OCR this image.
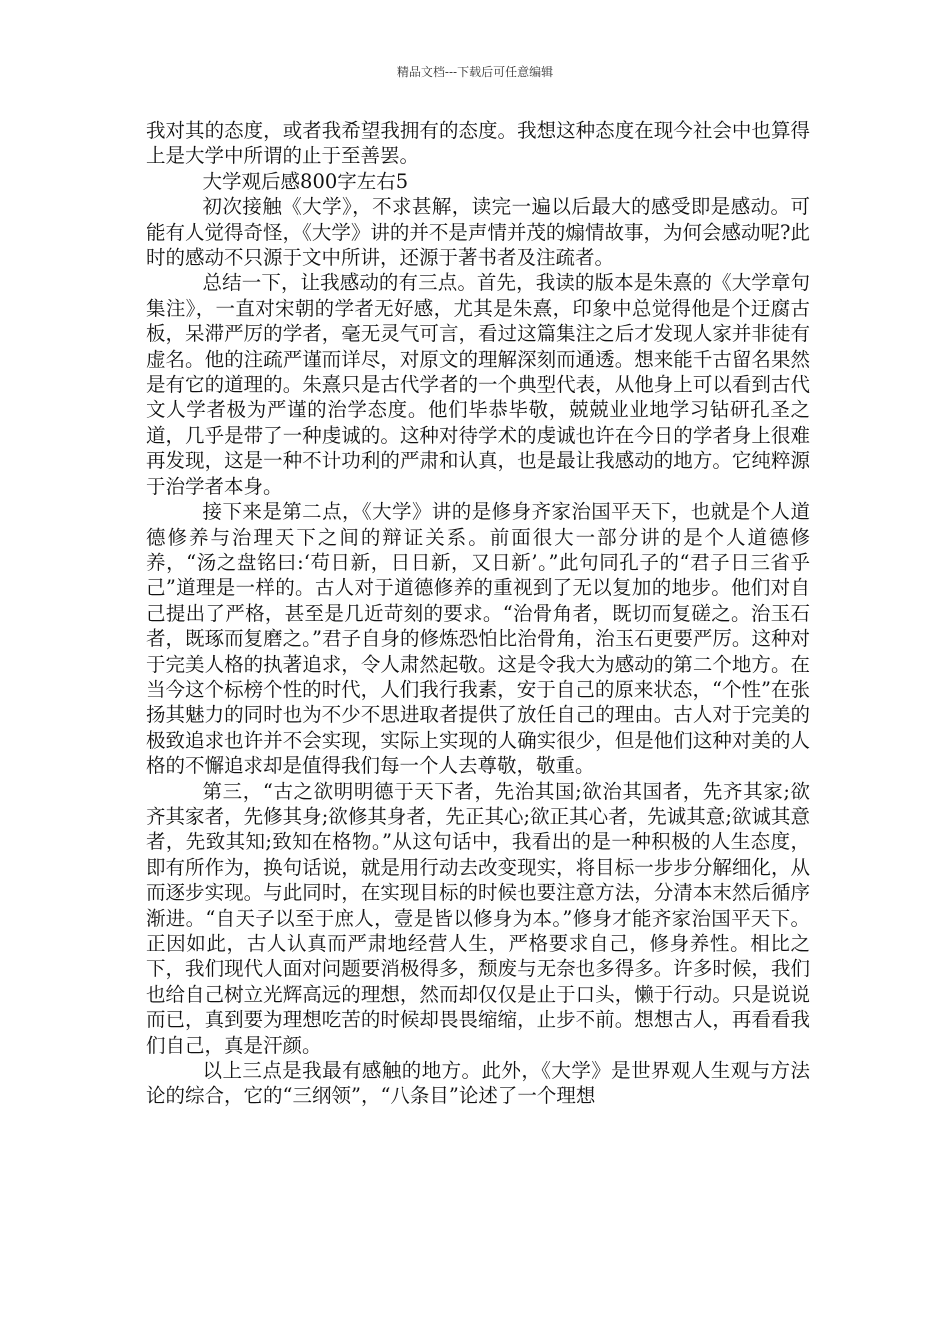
精品文档---下载后可任意编辑

我对其的态度，或者我希望我拥有的态度。我想这种态度在现今社会中也算得上是大学中所谓的止于至善罢。

大学观后感800字左右5

初次接触《大学》，不求甚解，读完一遍以后最大的感受即是感动。可能有人觉得奇怪，《大学》讲的并不是声情并茂的煽情故事，为何会感动呢?此时的感动不只源于文中所讲，还源于著书者及注疏者。

总结一下，让我感动的有三点。首先，我读的版本是朱熹的《大学章句集注》，一直对宋朝的学者无好感，尤其是朱熹，印象中总觉得他是个迂腐古板，呆滞严厉的学者，毫无灵气可言，看过这篇集注之后才发现人家并非徒有虚名。他的注疏严谨而详尽，对原文的理解深刻而通透。想来能千古留名果然是有它的道理的。朱熹只是古代学者的一个典型代表，从他身上可以看到古代文人学者极为严谨的治学态度。他们毕恭毕敬，兢兢业业地学习钻研孔圣之道，几乎是带了一种虔诚的。这种对待学术的虔诚也许在今日的学者身上很难再发现，这是一种不计功利的严肃和认真，也是最让我感动的地方。它纯粹源于治学者本身。

接下来是第二点，《大学》讲的是修身齐家治国平天下，也就是个人道德修养与治理天下之间的辩证关系。前面很大一部分讲的是个人道德修养，“汤之盘铭曰:‘苟日新，日日新，又日新’。”此句同孔子的“君子日三省乎己”道理是一样的。古人对于道德修养的重视到了无以复加的地步。他们对自己提出了严格，甚至是几近苛刻的要求。“治骨角者，既切而复磋之。治玉石者，既琢而复磨之。”君子自身的修炼恐怕比治骨角，治玉石更要严厉。这种对于完美人格的执著追求，令人肃然起敬。这是令我大为感动的第二个地方。在当今这个标榜个性的时代，人们我行我素，安于自己的原来状态，“个性”在张扬其魅力的同时也为不少不思进取者提供了放任自己的理由。古人对于完美的极致追求也许并不会实现，实际上实现的人确实很少，但是他们这种对美的人格的不懈追求却是值得我们每一个人去尊敬，敬重。

第三，“古之欲明明德于天下者，先治其国;欲治其国者，先齐其家;欲齐其家者，先修其身;欲修其身者，先正其心;欲正其心者，先诚其意;欲诚其意者，先致其知;致知在格物。”从这句话中，我看出的是一种积极的人生态度，即有所作为，换句话说，就是用行动去改变现实，将目标一步步分解细化，从而逐步实现。与此同时，在实现目标的时候也要注意方法，分清本末然后循序渐进。“自天子以至于庶人，壹是皆以修身为本。”修身才能齐家治国平天下。正因如此，古人认真而严肃地经营人生，严格要求自己，修身养性。相比之下，我们现代人面对问题要消极得多，颓废与无奈也多得多。许多时候，我们也给自己树立光辉高远的理想，然而却仅仅是止于口头，懒于行动。只是说说而已，真到要为理想吃苦的时候却畏畏缩缩，止步不前。想想古人，再看看我们自己，真是汗颜。

以上三点是我最有感触的地方。此外，《大学》是世界观人生观与方法论的综合，它的“三纲领”，“八条目”论述了一个理想
